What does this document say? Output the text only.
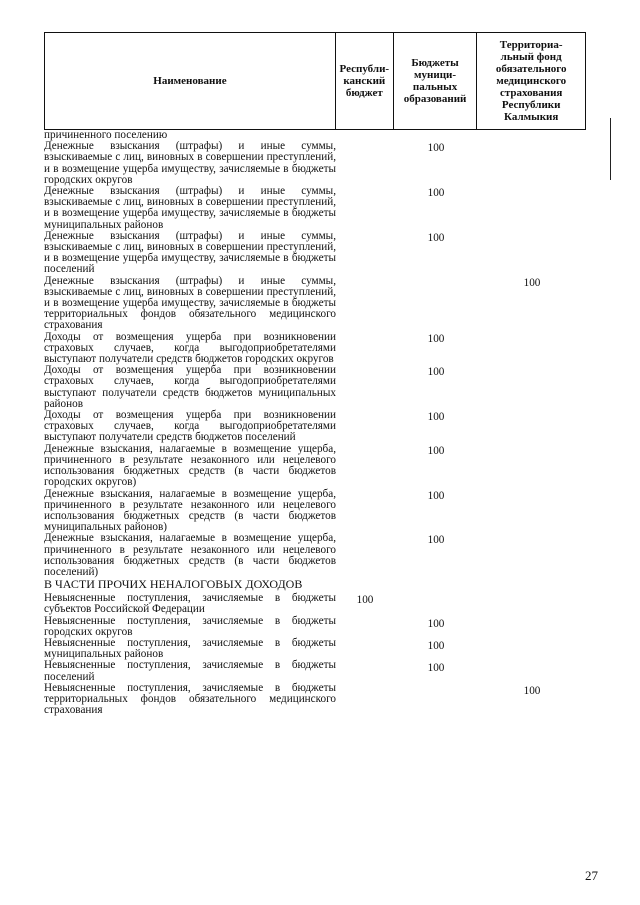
Наименование
Республи-
канский
бюджет
Бюджеты
муници-
пальных
образований
Территориа-
льный фонд
обязательного
медицинского
страхования
Республики
Калмыкия
причиненного поселению
Денежные взыскания (штрафы) и иные суммы, взыскиваемые с лиц, виновных в совершении преступлений, и в возмещение ущерба имуществу, зачисляемые в бюджеты городских округов
100
Денежные взыскания (штрафы) и иные суммы, взыскиваемые с лиц, виновных в совершении преступлений, и в возмещение ущерба имуществу, зачисляемые в бюджеты муниципальных районов
100
Денежные взыскания (штрафы) и иные суммы, взыскиваемые с лиц, виновных в совершении преступлений, и в возмещение ущерба имуществу, зачисляемые в бюджеты поселений
100
Денежные взыскания (штрафы) и иные суммы, взыскиваемые с лиц, виновных в совершении преступлений, и в возмещение ущерба имуществу, зачисляемые в бюджеты территориальных фондов обязательного медицинского страхования
100
Доходы от возмещения ущерба при возникновении страховых случаев, когда выгодоприобретателями выступают получатели средств бюджетов городских округов
100
Доходы от возмещения ущерба при возникновении страховых случаев, когда выгодоприобретателями выступают получатели средств бюджетов муниципальных районов
100
Доходы от возмещения ущерба при возникновении страховых случаев, когда выгодоприобретателями выступают получатели средств бюджетов поселений
100
Денежные взыскания, налагаемые в возмещение ущерба, причиненного в результате незаконного или нецелевого использования бюджетных средств (в части бюджетов городских округов)
100
Денежные взыскания, налагаемые в возмещение ущерба, причиненного в результате незаконного или нецелевого использования бюджетных средств (в части бюджетов муниципальных районов)
100
Денежные взыскания, налагаемые в возмещение ущерба, причиненного в результате незаконного или нецелевого использования бюджетных средств (в части бюджетов поселений)
100
В ЧАСТИ ПРОЧИХ НЕНАЛОГОВЫХ ДОХОДОВ
Невыясненные поступления, зачисляемые в бюджеты субъектов Российской Федерации
100
Невыясненные поступления, зачисляемые в бюджеты городских округов
100
Невыясненные поступления, зачисляемые в бюджеты муниципальных районов
100
Невыясненные поступления, зачисляемые в бюджеты поселений
100
Невыясненные поступления, зачисляемые в бюджеты территориальных фондов обязательного медицинского страхования
100
27
